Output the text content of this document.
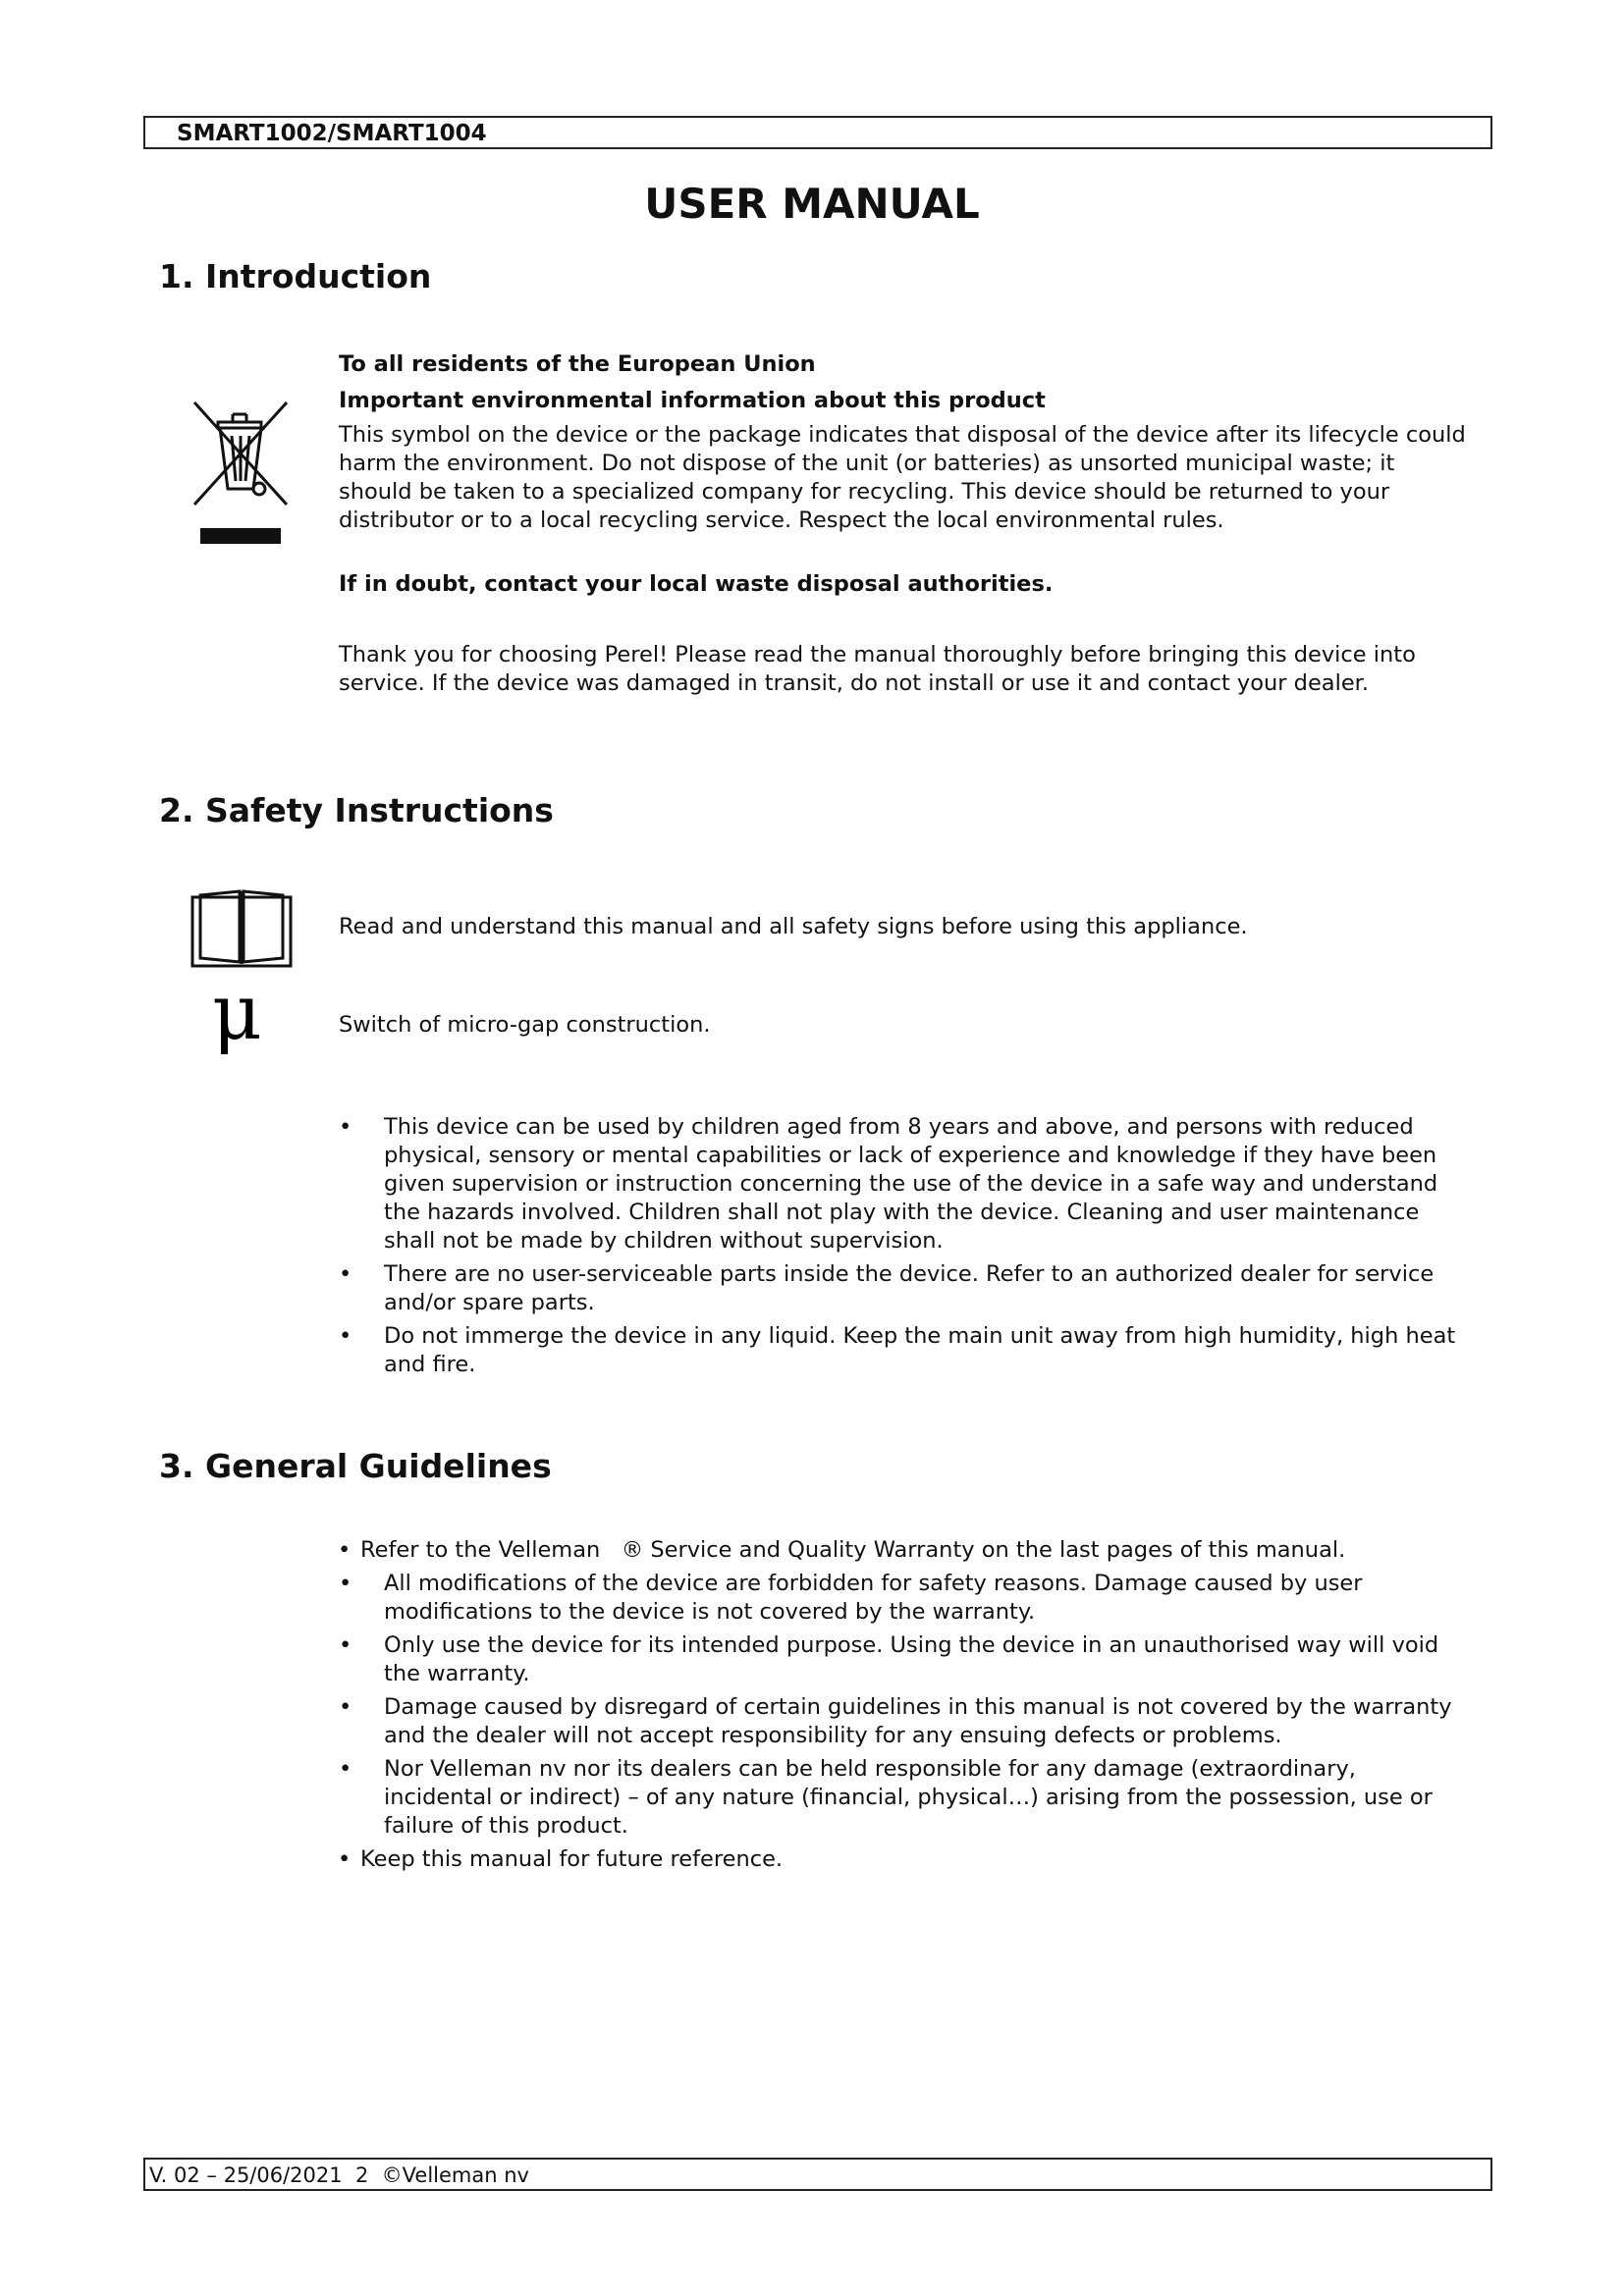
SMART1002/SMART1004
USER MANUAL
1. Introduction

To all residents of the European Union

Important environmental information about this product

This symbol on the device or the package indicates that disposal of the device after its lifecycle could harm the environment. Do not dispose of the unit (or batteries) as unsorted municipal waste; it should be taken to a specialized company for recycling. This device should be returned to your distributor or to a local recycling service. Respect the local environmental rules.

If in doubt, contact your local waste disposal authorities.

Thank you for choosing Perel! Please read the manual thoroughly before bringing this device into service. If the device was damaged in transit, do not install or use it and contact your dealer.

2. Safety Instructions

Read and understand this manual and all safety signs before using this appliance.

μ	Switch of micro-gap construction.

• This device can be used by children aged from 8 years and above, and persons with reduced physical, sensory or mental capabilities or lack of experience and knowledge if they have been given supervision or instruction concerning the use of the device in a safe way and understand the hazards involved. Children shall not play with the device. Cleaning and user maintenance shall not be made by children without supervision.
• There are no user-serviceable parts inside the device. Refer to an authorized dealer for service and/or spare parts.
• Do not immerge the device in any liquid. Keep the main unit away from high humidity, high heat and fire.
3. General Guidelines
• Refer to the Velleman   ® Service and Quality Warranty on the last pages of this manual.
• All modifications of the device are forbidden for safety reasons. Damage caused by user modifications to the device is not covered by the warranty.
• Only use the device for its intended purpose. Using the device in an unauthorised way will void the warranty.
• Damage caused by disregard of certain guidelines in this manual is not covered by the warranty and the dealer will not accept responsibility for any ensuing defects or problems.
• Nor Velleman nv nor its dealers can be held responsible for any damage (extraordinary, incidental or indirect) – of any nature (financial, physical…) arising from the possession, use or failure of this product.
• Keep this manual for future reference.
V. 02 – 25/06/2021  2  ©Velleman nv
